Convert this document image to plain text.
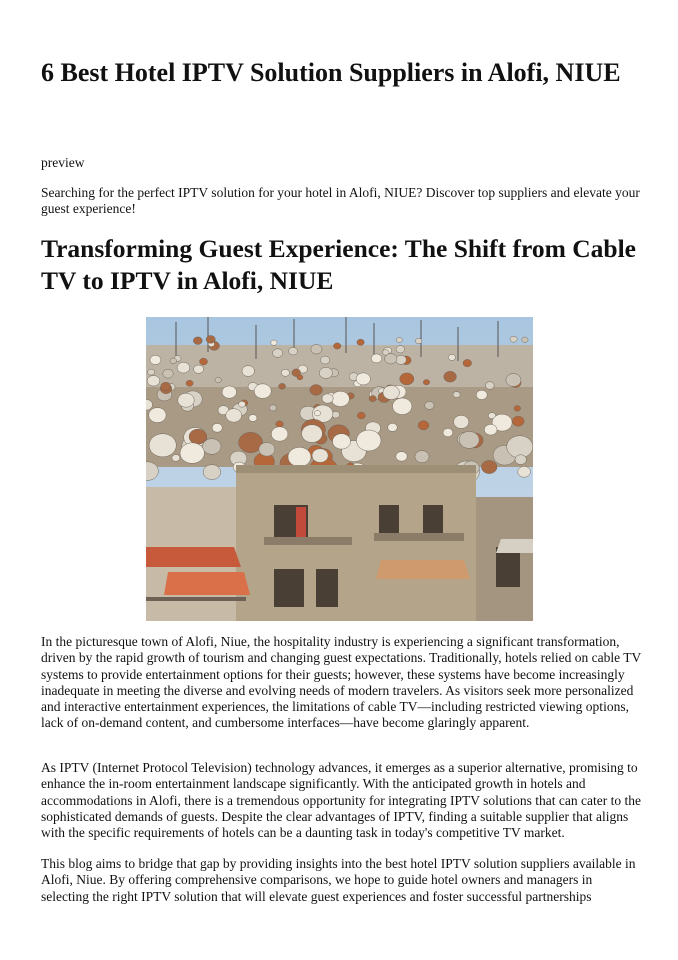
6 Best Hotel IPTV Solution Suppliers in Alofi, NIUE

preview

Searching for the perfect IPTV solution for your hotel in Alofi, NIUE? Discover top suppliers and elevate your guest experience!

Transforming Guest Experience: The Shift from Cable TV to IPTV in Alofi, NIUE

In the picturesque town of Alofi, Niue, the hospitality industry is experiencing a significant transformation, driven by the rapid growth of tourism and changing guest expectations. Traditionally, hotels relied on cable TV systems to provide entertainment options for their guests; however, these systems have become increasingly inadequate in meeting the diverse and evolving needs of modern travelers. As visitors seek more personalized and interactive entertainment experiences, the limitations of cable TV—including restricted viewing options, lack of on-demand content, and cumbersome interfaces—have become glaringly apparent.

As IPTV (Internet Protocol Television) technology advances, it emerges as a superior alternative, promising to enhance the in-room entertainment landscape significantly. With the anticipated growth in hotels and accommodations in Alofi, there is a tremendous opportunity for integrating IPTV solutions that can cater to the sophisticated demands of guests. Despite the clear advantages of IPTV, finding a suitable supplier that aligns with the specific requirements of hotels can be a daunting task in today's competitive TV market.

This blog aims to bridge that gap by providing insights into the best hotel IPTV solution suppliers available in Alofi, Niue. By offering comprehensive comparisons, we hope to guide hotel owners and managers in selecting the right IPTV solution that will elevate guest experiences and foster successful partnerships
